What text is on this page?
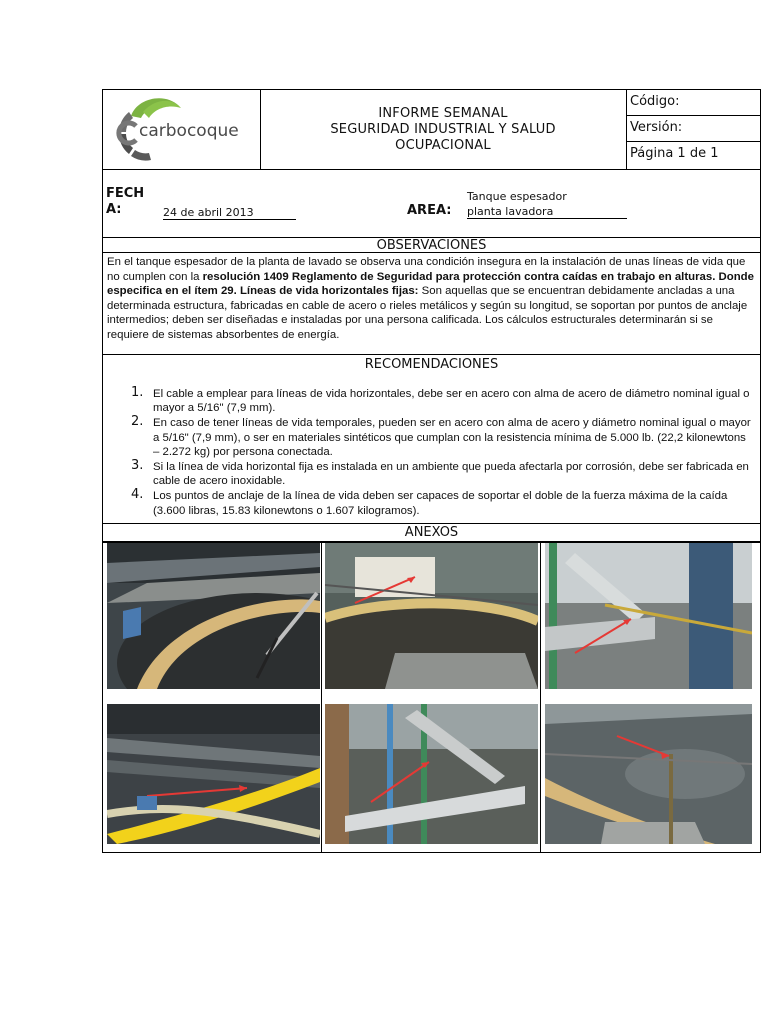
carbocoque
INFORME SEMANAL
SEGURIDAD INDUSTRIAL Y SALUD
OCUPACIONAL
Código:
Versión:
Página 1 de 1
FECH
A:	24 de abril 2013	AREA:
Tanque espesador
planta lavadora
OBSERVACIONES
En el tanque espesador de la planta de lavado se observa una condición insegura en la instalación de unas líneas de vida que no cumplen con la resolución 1409 Reglamento de Seguridad para protección contra caídas en trabajo en alturas. Donde especifica en el ítem 29. Líneas de vida horizontales fijas: Son aquellas que se encuentran debidamente ancladas a una determinada estructura, fabricadas en cable de acero o rieles metálicos y según su longitud, se soportan por puntos de anclaje intermedios; deben ser diseñadas e instaladas por una persona calificada. Los cálculos estructurales determinarán si se requiere de sistemas absorbentes de energía.
RECOMENDACIONES
1. El cable a emplear para líneas de vida horizontales, debe ser en acero con alma de acero de diámetro nominal igual o mayor a 5/16" (7,9 mm).
2. En caso de tener líneas de vida temporales, pueden ser en acero con alma de acero y diámetro nominal igual o mayor a 5/16" (7,9 mm), o ser en materiales sintéticos que cumplan con la resistencia mínima de 5.000 lb. (22,2 kilonewtons – 2.272 kg) por persona conectada.
3. Si la línea de vida horizontal fija es instalada en un ambiente que pueda afectarla por corrosión, debe ser fabricada en cable de acero inoxidable.
4. Los puntos de anclaje de la línea de vida deben ser capaces de soportar el doble de la fuerza máxima de la caída (3.600 libras, 15.83 kilonewtons o 1.607 kilogramos).
ANEXOS
